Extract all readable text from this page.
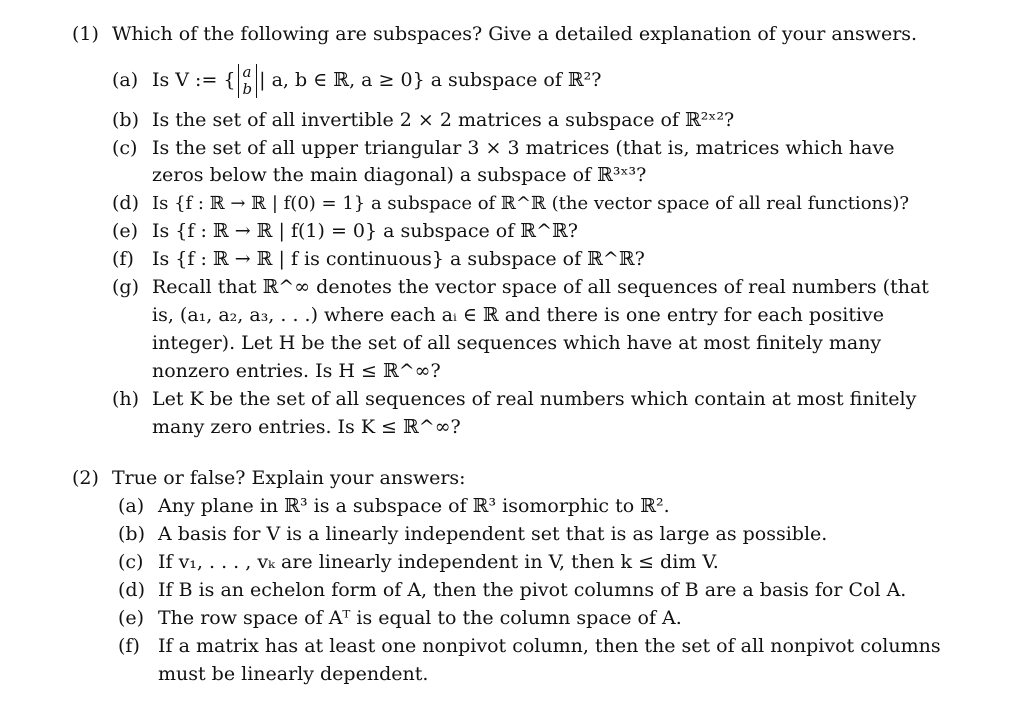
(1) Which of the following are subspaces? Give a detailed explanation of your answers.
(a) Is V := { a
b | a, b ∈ ℝ, a ≥ 0} a subspace of ℝ²?
(b) Is the set of all invertible 2 × 2 matrices a subspace of ℝ²ˣ²?
(c) Is the set of all upper triangular 3 × 3 matrices (that is, matrices which have
zeros below the main diagonal) a subspace of ℝ³ˣ³?
(d) Is {f : ℝ → ℝ | f(0) = 1} a subspace of ℝ^ℝ (the vector space of all real functions)?
(e) Is {f : ℝ → ℝ | f(1) = 0} a subspace of ℝ^ℝ?
(f) Is {f : ℝ → ℝ | f is continuous} a subspace of ℝ^ℝ?
(g) Recall that ℝ^∞ denotes the vector space of all sequences of real numbers (that
is, (a₁, a₂, a₃, . . .) where each aᵢ ∈ ℝ and there is one entry for each positive
integer). Let H be the set of all sequences which have at most finitely many
nonzero entries. Is H ≤ ℝ^∞?
(h) Let K be the set of all sequences of real numbers which contain at most finitely
many zero entries. Is K ≤ ℝ^∞?
(2) True or false? Explain your answers:
(a) Any plane in ℝ³ is a subspace of ℝ³ isomorphic to ℝ².
(b) A basis for V is a linearly independent set that is as large as possible.
(c) If v₁, . . . , vₖ are linearly independent in V, then k ≤ dim V.
(d) If B is an echelon form of A, then the pivot columns of B are a basis for Col A.
(e) The row space of Aᵀ is equal to the column space of A.
(f) If a matrix has at least one nonpivot column, then the set of all nonpivot columns
must be linearly dependent.
